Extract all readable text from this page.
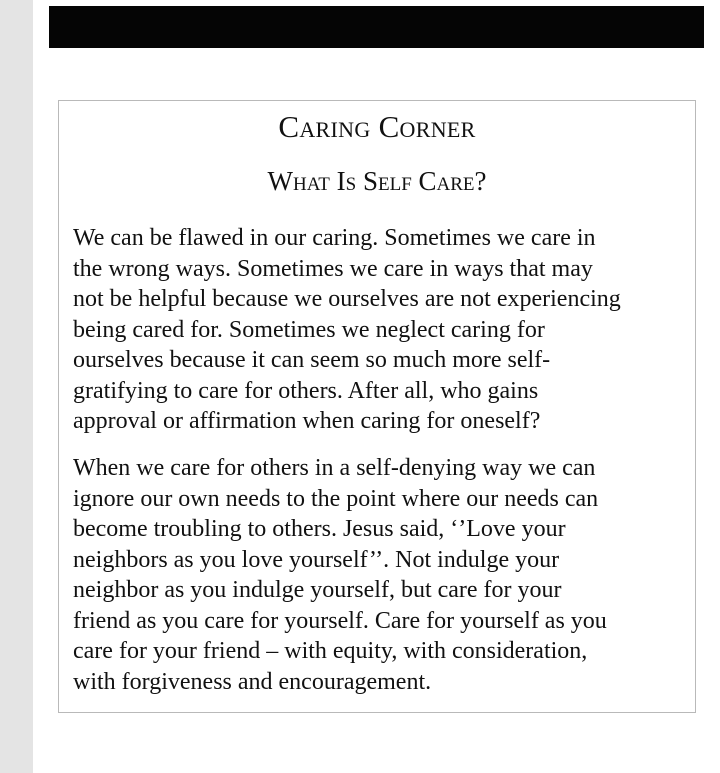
Caring Corner
What Is Self Care?

We can be flawed in our caring. Sometimes we care in
the wrong ways. Sometimes we care in ways that may
not be helpful because we ourselves are not experiencing
being cared for. Sometimes we neglect caring for
ourselves because it can seem so much more self-
gratifying to care for others. After all, who gains
approval or affirmation when caring for oneself?

When we care for others in a self-denying way we can
ignore our own needs to the point where our needs can
become troubling to others. Jesus said, ‘’Love your
neighbors as you love yourself’’. Not indulge your
neighbor as you indulge yourself, but care for your
friend as you care for yourself. Care for yourself as you
care for your friend – with equity, with consideration,
with forgiveness and encouragement.
